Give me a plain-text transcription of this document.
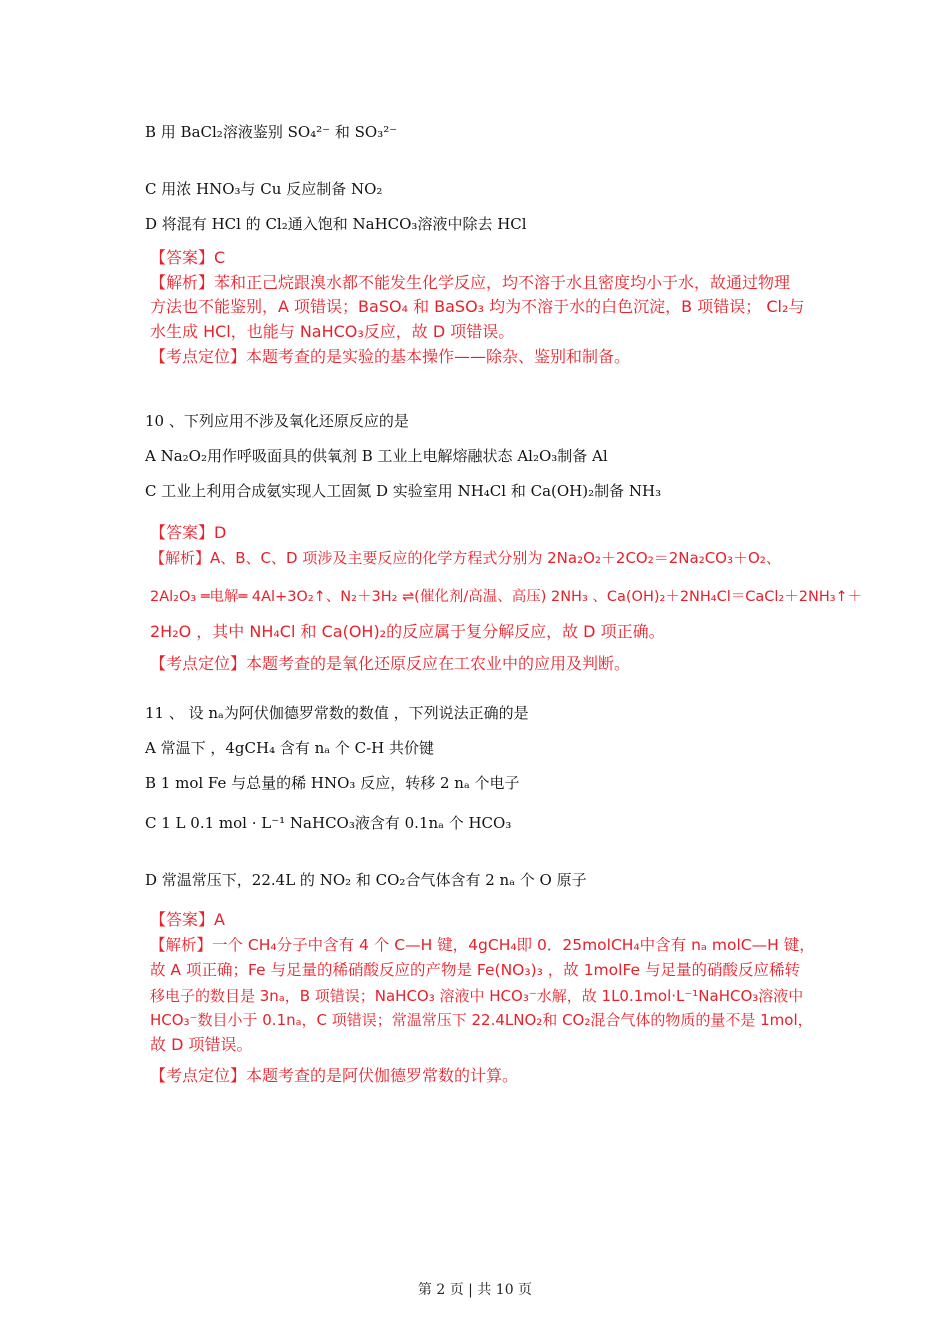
B 用 BaCl₂溶液鉴别 SO₄²⁻ 和 SO₃²⁻
C 用浓 HNO₃与 Cu 反应制备 NO₂
D 将混有 HCl 的 Cl₂通入饱和 NaHCO₃溶液中除去 HCl
【答案】C
【解析】苯和正己烷跟溴水都不能发生化学反应，均不溶于水且密度均小于水，故通过物理
方法也不能鉴别，A 项错误；BaSO₄ 和 BaSO₃ 均为不溶于水的白色沉淀，B 项错误； Cl₂与
水生成 HCl，也能与 NaHCO₃反应，故 D 项错误。
【考点定位】本题考查的是实验的基本操作——除杂、鉴别和制备。
10 、下列应用不涉及氧化还原反应的是
A Na₂O₂用作呼吸面具的供氧剂 B 工业上电解熔融状态 Al₂O₃制备 Al
C 工业上利用合成氨实现人工固氮 D 实验室用 NH₄Cl 和 Ca(OH)₂制备 NH₃
【答案】D
【解析】A、B、C、D 项涉及主要反应的化学方程式分别为 2Na₂O₂＋2CO₂＝2Na₂CO₃＋O₂、
2Al₂O₃ ═电解═ 4Al+3O₂↑、N₂＋3H₂ ⇌(催化剂/高温、高压) 2NH₃ 、Ca(OH)₂＋2NH₄Cl＝CaCl₂＋2NH₃↑＋
2H₂O ，其中 NH₄Cl 和 Ca(OH)₂的反应属于复分解反应，故 D 项正确。
【考点定位】本题考查的是氧化还原反应在工农业中的应用及判断。
11 、 设 nₐ为阿伏伽德罗常数的数值 ，下列说法正确的是
A 常温下 ，4gCH₄ 含有 nₐ 个 C-H 共价键
B 1 mol Fe 与总量的稀 HNO₃ 反应，转移 2 nₐ 个电子
C 1 L 0.1 mol · L⁻¹ NaHCO₃液含有 0.1nₐ 个 HCO₃
D 常温常压下，22.4L 的 NO₂ 和 CO₂合气体含有 2 nₐ 个 O 原子
【答案】A
【解析】一个 CH₄分子中含有 4 个 C—H 键，4gCH₄即 0．25molCH₄中含有 nₐ molC—H 键，
故 A 项正确；Fe 与足量的稀硝酸反应的产物是 Fe(NO₃)₃ ，故 1molFe 与足量的硝酸反应稀转
移电子的数目是 3nₐ，B 项错误；NaHCO₃ 溶液中 HCO₃⁻水解，故 1L0.1mol·L⁻¹NaHCO₃溶液中
HCO₃⁻数目小于 0.1nₐ，C 项错误；常温常压下 22.4LNO₂和 CO₂混合气体的物质的量不是 1mol，
故 D 项错误。
【考点定位】本题考查的是阿伏伽德罗常数的计算。
第 2 页 | 共 10 页
